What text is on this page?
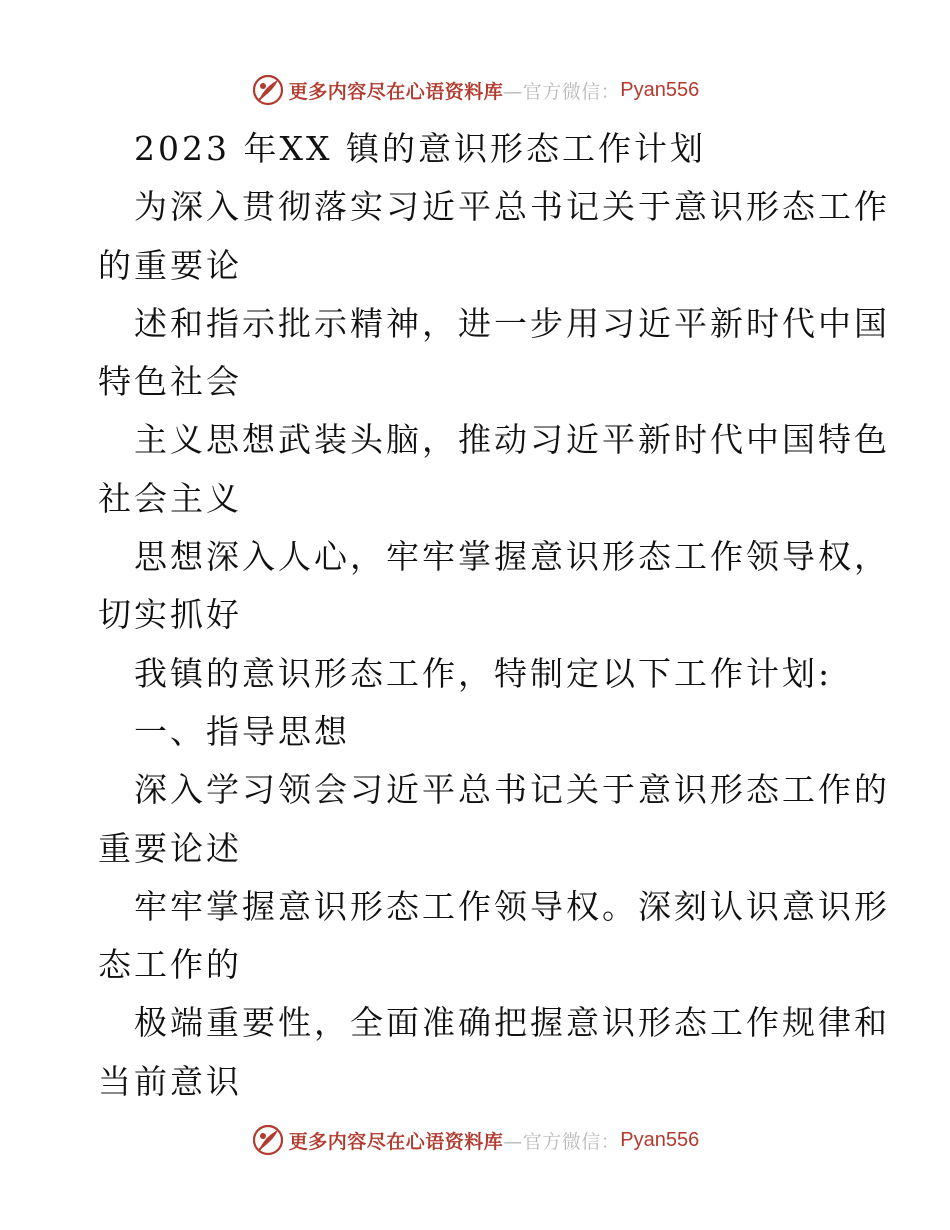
更多内容尽在心语资料库 —官方微信： Pyan556
2023 年XX 镇的意识形态工作计划
为深入贯彻落实习近平总书记关于意识形态工作
的重要论
述和指示批示精神，进一步用习近平新时代中国
特色社会
主义思想武装头脑，推动习近平新时代中国特色
社会主义
思想深入人心，牢牢掌握意识形态工作领导权，
切实抓好
我镇的意识形态工作，特制定以下工作计划:
一、指导思想
深入学习领会习近平总书记关于意识形态工作的
重要论述
牢牢掌握意识形态工作领导权。深刻认识意识形
态工作的
极端重要性，全面准确把握意识形态工作规律和
当前意识
更多内容尽在心语资料库 —官方微信： Pyan556
